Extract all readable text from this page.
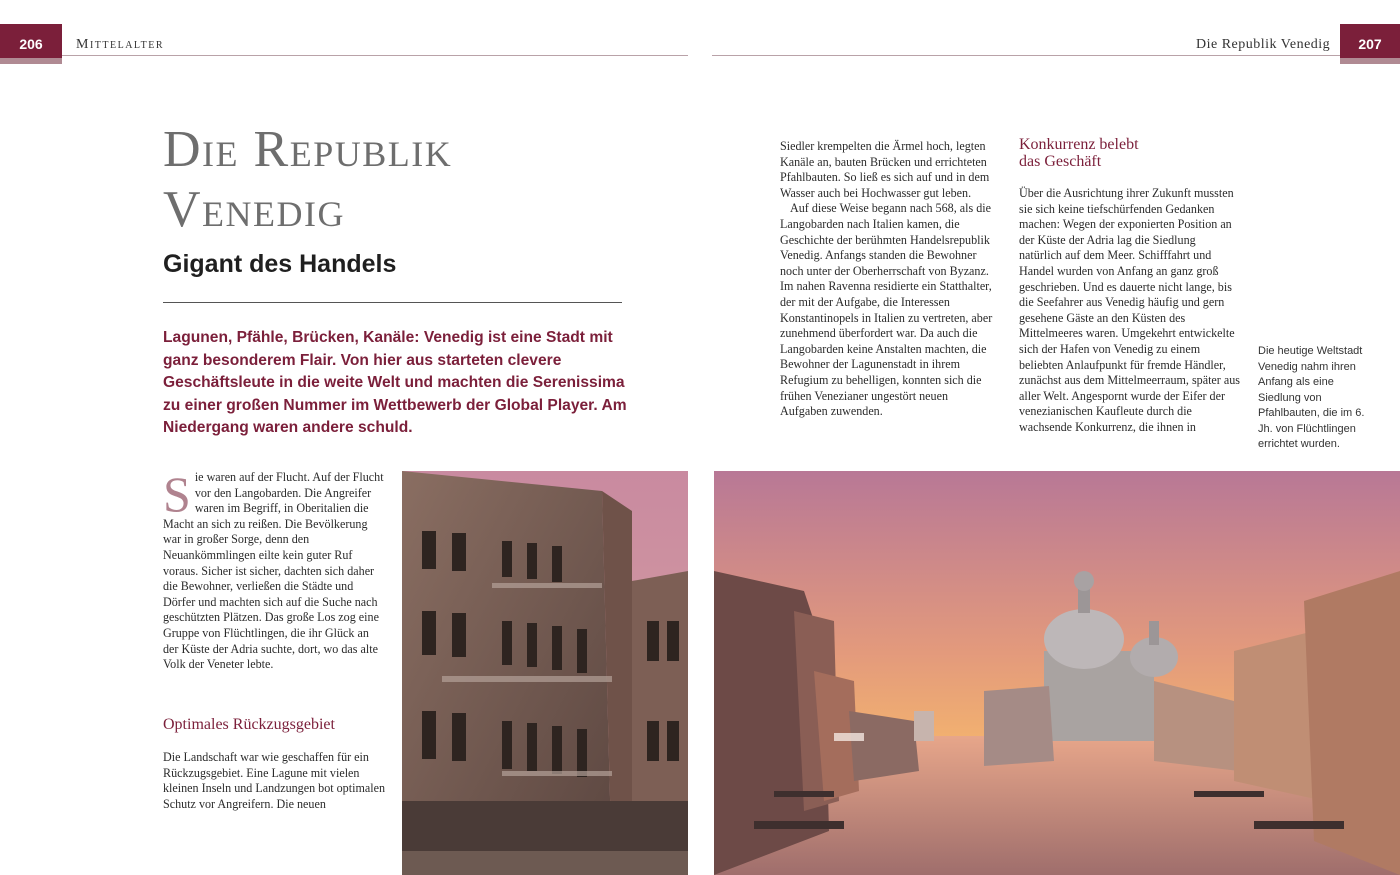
206 Mittelalter	207
Die Republik Venedig
Die Republik
Venedig
Gigant des Handels
Lagunen, Pfähle, Brücken, Kanäle: Venedig ist eine Stadt mit ganz besonderem Flair. Von hier aus starteten clevere Geschäftsleute in die weite Welt und machten die Serenissima zu einer großen Nummer im Wettbewerb der Global Player. Am Niedergang waren andere schuld.
S ie waren auf der Flucht. Auf der Flucht vor den Langobarden. Die Angreifer waren im Begriff, in Oberitalien die Macht an sich zu reißen. Die Bevölkerung war in großer Sorge, denn den Neuankömmlingen eilte kein guter Ruf voraus. Sicher ist sicher, dachten sich daher die Bewohner, verließen die Städte und Dörfer und machten sich auf die Suche nach geschützten Plätzen. Das große Los zog eine Gruppe von Flüchtlingen, die ihr Glück an der Küste der Adria suchte, dort, wo das alte Volk der Veneter lebte.
Optimales Rückzugsgebiet
Die Landschaft war wie geschaffen für ein Rückzugsgebiet. Eine Lagune mit vielen kleinen Inseln und Landzungen bot optimalen Schutz vor Angreifern. Die neuen
Siedler krempelten die Ärmel hoch, legten Kanäle an, bauten Brücken und errichteten Pfahlbauten. So ließ es sich auf und in dem Wasser auch bei Hochwasser gut leben.
Auf diese Weise begann nach 568, als die Langobarden nach Italien kamen, die Geschichte der berühmten Handelsrepublik Venedig. Anfangs standen die Bewohner noch unter der Oberherrschaft von Byzanz. Im nahen Ravenna residierte ein Statthalter, der mit der Aufgabe, die Interessen Konstantinopels in Italien zu vertreten, aber zunehmend überfordert war. Da auch die Langobarden keine Anstalten machten, die Bewohner der Lagunenstadt in ihrem Refugium zu behelligen, konnten sich die frühen Venezianer ungestört neuen Aufgaben zuwenden.
Konkurrenz belebt
das Geschäft
Über die Ausrichtung ihrer Zukunft mussten sie sich keine tiefschürfenden Gedanken machen: Wegen der exponierten Position an der Küste der Adria lag die Siedlung natürlich auf dem Meer. Schifffahrt und Handel wurden von Anfang an ganz groß geschrieben. Und es dauerte nicht lange, bis die Seefahrer aus Venedig häufig und gern gesehene Gäste an den Küsten des Mittelmeeres waren. Umgekehrt entwickelte sich der Hafen von Venedig zu einem beliebten Anlaufpunkt für fremde Händler, zunächst aus dem Mittelmeerraum, später aus aller Welt. Angespornt wurde der Eifer der venezianischen Kaufleute durch die wachsende Konkurrenz, die ihnen in
Die heutige Weltstadt Venedig nahm ihren Anfang als eine Siedlung von Pfahlbauten, die im 6. Jh. von Flüchtlingen errichtet wurden.
